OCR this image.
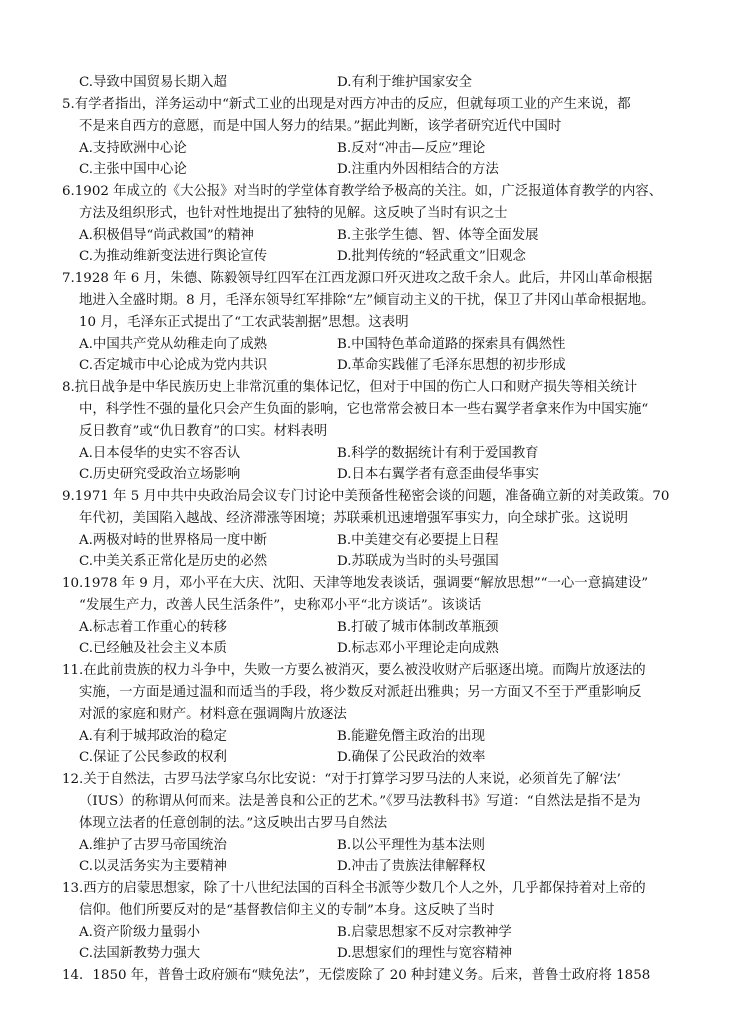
C.导致中国贸易长期入超	D.有利于维护国家安全
5.有学者指出，洋务运动中“新式工业的出现是对西方冲击的反应，但就每项工业的产生来说，都
不是来自西方的意愿，而是中国人努力的结果。”据此判断，该学者研究近代中国时
A.支持欧洲中心论	B.反对“冲击—反应”理论
C.主张中国中心论	D.注重内外因相结合的方法
6.1902 年成立的《大公报》对当时的学堂体育教学给予极高的关注。如，广泛报道体育教学的内容、
方法及组织形式，也针对性地提出了独特的见解。这反映了当时有识之士
A.积极倡导“尚武救国”的精神	B.主张学生德、智、体等全面发展
C.为推动维新变法进行舆论宣传	D.批判传统的“轻武重文”旧观念
7.1928 年 6 月，朱德、陈毅领导红四军在江西龙源口歼灭进攻之敌千余人。此后，井冈山革命根据
地进入全盛时期。8 月，毛泽东领导红军排除“左”倾盲动主义的干扰，保卫了井冈山革命根据地。
10 月，毛泽东正式提出了“工农武装割据”思想。这表明
A.中国共产党从幼稚走向了成熟	B.中国特色革命道路的探索具有偶然性
C.否定城市中心论成为党内共识	D.革命实践催了毛泽东思想的初步形成
8.抗日战争是中华民族历史上非常沉重的集体记忆，但对于中国的伤亡人口和财产损失等相关统计
中，科学性不强的量化只会产生负面的影响，它也常常会被日本一些右翼学者拿来作为中国实施“
反日教育”或“仇日教育”的口实。材料表明
A.日本侵华的史实不容否认	B.科学的数据统计有利于爱国教育
C.历史研究受政治立场影响	D.日本右翼学者有意歪曲侵华事实
9.1971 年 5 月中共中央政治局会议专门讨论中美预备性秘密会谈的问题，准备确立新的对美政策。70
年代初，美国陷入越战、经济滞涨等困境；苏联乘机迅速增强军事实力，向全球扩张。这说明
A.两极对峙的世界格局一度中断	B.中美建交有必要提上日程
C.中美关系正常化是历史的必然	D.苏联成为当时的头号强国
10.1978 年 9 月，邓小平在大庆、沈阳、天津等地发表谈话，强调要“解放思想”“一心一意搞建设”
“发展生产力，改善人民生活条件”，史称邓小平“北方谈话”。该谈话
A.标志着工作重心的转移	B.打破了城市体制改革瓶颈
C.已经触及社会主义本质	D.标志邓小平理论走向成熟
11.在此前贵族的权力斗争中，失败一方要么被消灭，要么被没收财产后驱逐出境。而陶片放逐法的
实施，一方面是通过温和而适当的手段，将少数反对派赶出雅典；另一方面又不至于严重影响反
对派的家庭和财产。材料意在强调陶片放逐法
A.有利于城邦政治的稳定	B.能避免僭主政治的出现
C.保证了公民参政的权利	D.确保了公民政治的效率
12.关于自然法，古罗马法学家乌尔比安说：“对于打算学习罗马法的人来说，必须首先了解‘法’
（IUS）的称谓从何而来。法是善良和公正的艺术。”《罗马法教科书》写道：“自然法是指不是为
体现立法者的任意创制的法。”这反映出古罗马自然法
A.维护了古罗马帝国统治	B.以公平理性为基本法则
C.以灵活务实为主要精神	D.冲击了贵族法律解释权
13.西方的启蒙思想家，除了十八世纪法国的百科全书派等少数几个人之外，几乎都保持着对上帝的
信仰。他们所要反对的是“基督教信仰主义的专制”本身。这反映了当时
A.资产阶级力量弱小	B.启蒙思想家不反对宗教神学
C.法国新教势力强大	D.思想家们的理性与宽容精神
14．1850 年，普鲁士政府颁布“赎免法”，无偿废除了 20 种封建义务。后来，普鲁士政府将 1858
